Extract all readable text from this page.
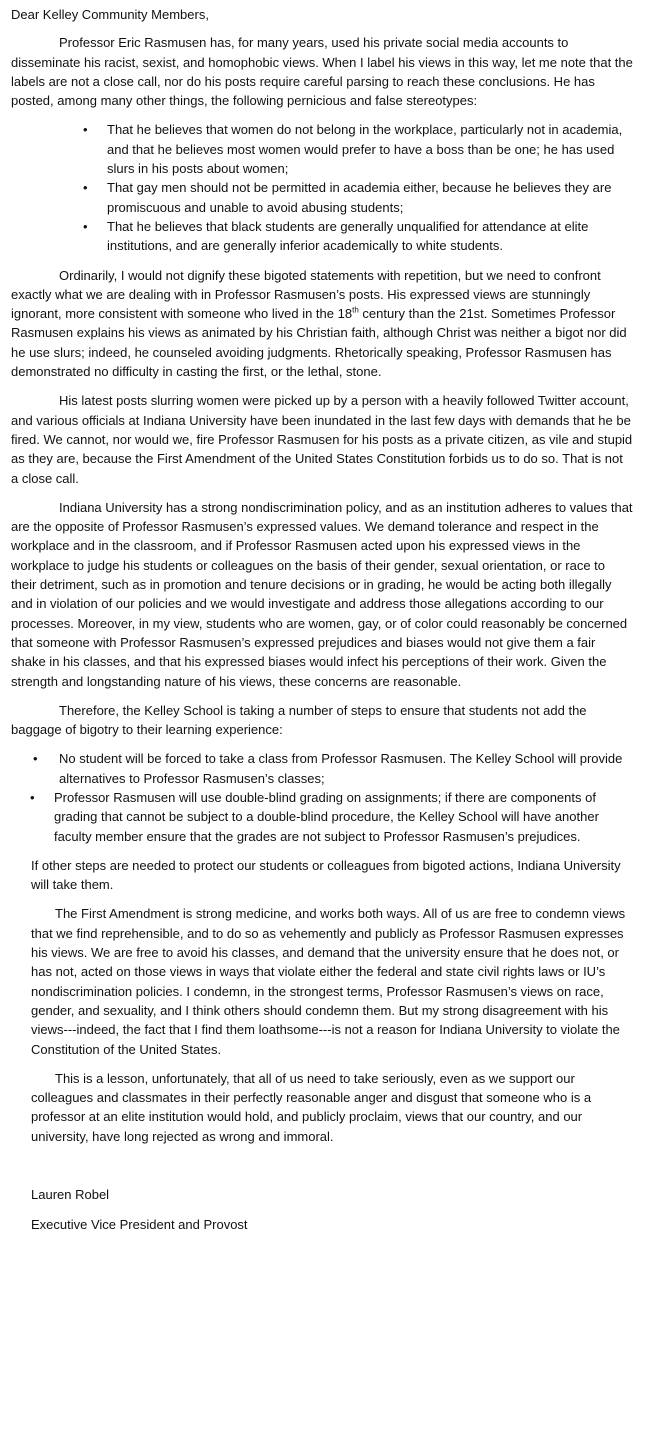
Dear Kelley Community Members,

Professor Eric Rasmusen has, for many years, used his private social media accounts to disseminate his racist, sexist, and homophobic views. When I label his views in this way, let me note that the labels are not a close call, nor do his posts require careful parsing to reach these conclusions. He has posted, among many other things, the following pernicious and false stereotypes:

• That he believes that women do not belong in the workplace, particularly not in academia, and that he believes most women would prefer to have a boss than be one; he has used slurs in his posts about women;
• That gay men should not be permitted in academia either, because he believes they are promiscuous and unable to avoid abusing students;
• That he believes that black students are generally unqualified for attendance at elite institutions, and are generally inferior academically to white students.

Ordinarily, I would not dignify these bigoted statements with repetition, but we need to confront exactly what we are dealing with in Professor Rasmusen’s posts. His expressed views are stunningly ignorant, more consistent with someone who lived in the 18th century than the 21st. Sometimes Professor Rasmusen explains his views as animated by his Christian faith, although Christ was neither a bigot nor did he use slurs; indeed, he counseled avoiding judgments. Rhetorically speaking, Professor Rasmusen has demonstrated no difficulty in casting the first, or the lethal, stone.

His latest posts slurring women were picked up by a person with a heavily followed Twitter account, and various officials at Indiana University have been inundated in the last few days with demands that he be fired. We cannot, nor would we, fire Professor Rasmusen for his posts as a private citizen, as vile and stupid as they are, because the First Amendment of the United States Constitution forbids us to do so. That is not a close call.

Indiana University has a strong nondiscrimination policy, and as an institution adheres to values that are the opposite of Professor Rasmusen’s expressed values. We demand tolerance and respect in the workplace and in the classroom, and if Professor Rasmusen acted upon his expressed views in the workplace to judge his students or colleagues on the basis of their gender, sexual orientation, or race to their detriment, such as in promotion and tenure decisions or in grading, he would be acting both illegally and in violation of our policies and we would investigate and address those allegations according to our processes. Moreover, in my view, students who are women, gay, or of color could reasonably be concerned that someone with Professor Rasmusen’s expressed prejudices and biases would not give them a fair shake in his classes, and that his expressed biases would infect his perceptions of their work. Given the strength and longstanding nature of his views, these concerns are reasonable.

Therefore, the Kelley School is taking a number of steps to ensure that students not add the baggage of bigotry to their learning experience:

• No student will be forced to take a class from Professor Rasmusen. The Kelley School will provide alternatives to Professor Rasmusen’s classes;
• Professor Rasmusen will use double-blind grading on assignments; if there are components of grading that cannot be subject to a double-blind procedure, the Kelley School will have another faculty member ensure that the grades are not subject to Professor Rasmusen’s prejudices.

If other steps are needed to protect our students or colleagues from bigoted actions, Indiana University will take them.

The First Amendment is strong medicine, and works both ways. All of us are free to condemn views that we find reprehensible, and to do so as vehemently and publicly as Professor Rasmusen expresses his views. We are free to avoid his classes, and demand that the university ensure that he does not, or has not, acted on those views in ways that violate either the federal and state civil rights laws or IU’s nondiscrimination policies. I condemn, in the strongest terms, Professor Rasmusen’s views on race, gender, and sexuality, and I think others should condemn them. But my strong disagreement with his views---indeed, the fact that I find them loathsome---is not a reason for Indiana University to violate the Constitution of the United States.

This is a lesson, unfortunately, that all of us need to take seriously, even as we support our colleagues and classmates in their perfectly reasonable anger and disgust that someone who is a professor at an elite institution would hold, and publicly proclaim, views that our country, and our university, have long rejected as wrong and immoral.

Lauren Robel

Executive Vice President and Provost
